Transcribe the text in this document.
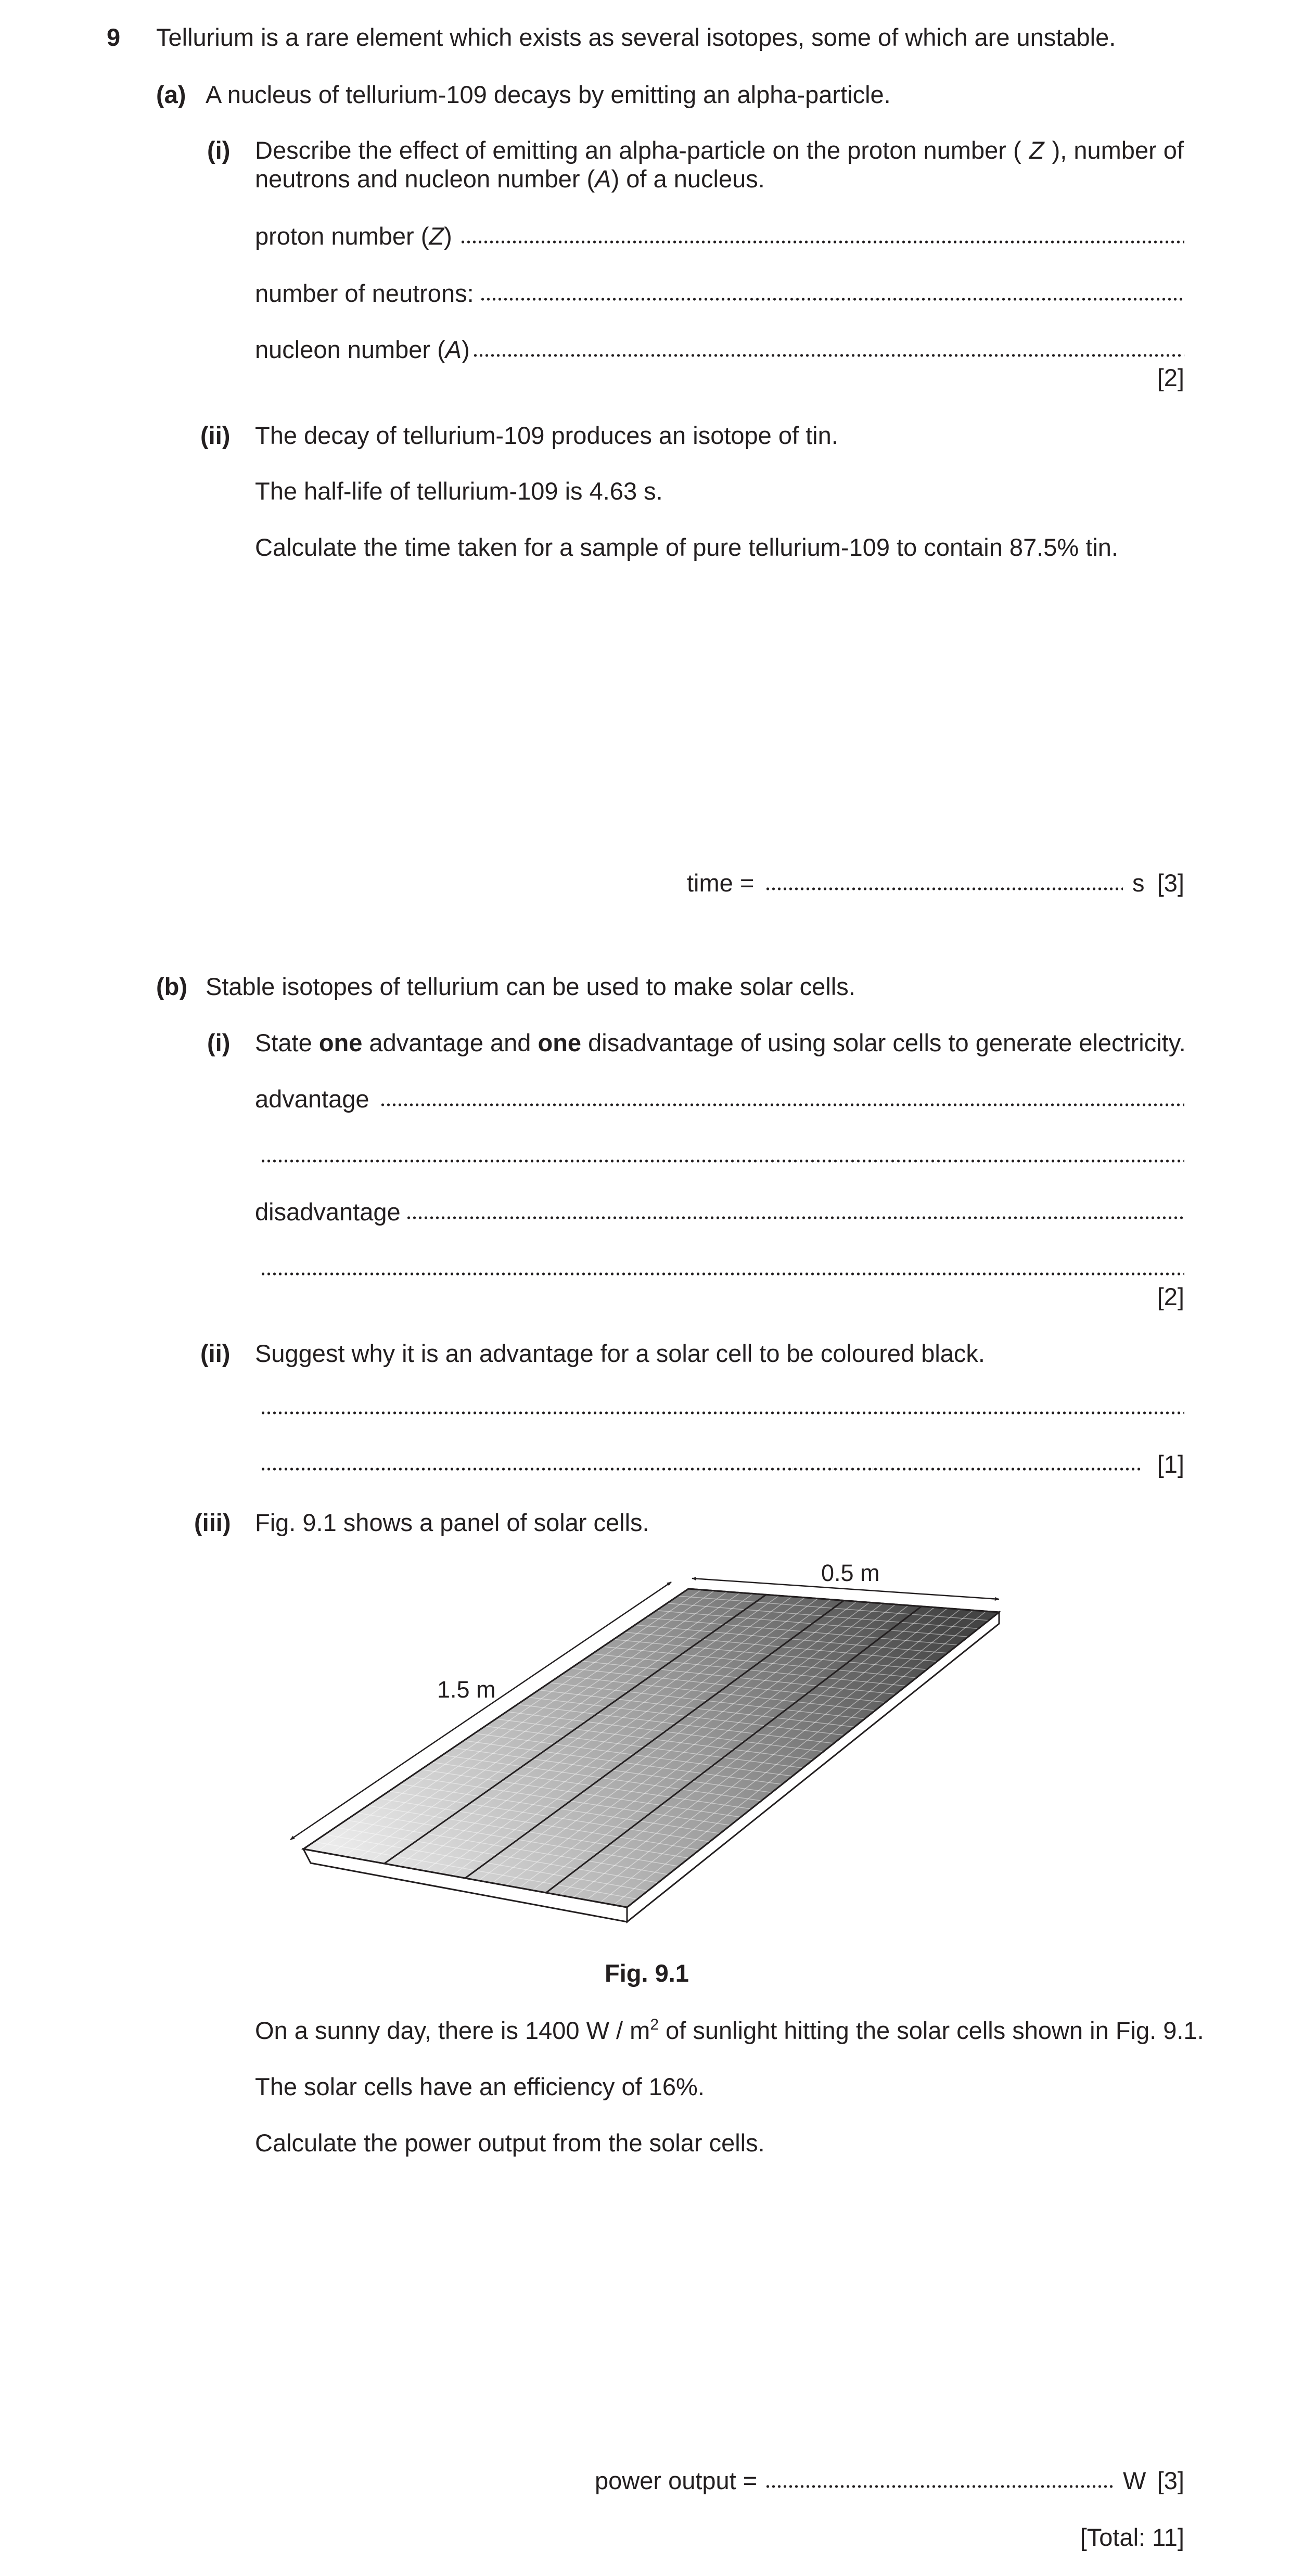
9 Tellurium is a rare element which exists as several isotopes, some of which are unstable.
(a) A nucleus of tellurium-109 decays by emitting an alpha-particle.
(i) Describe the effect of emitting an alpha-particle on the proton number ( Z ), number of
neutrons and nucleon number (A) of a nucleus.
proton number (Z)
number of neutrons:
nucleon number (A)
[2]
(ii) The decay of tellurium-109 produces an isotope of tin.
The half-life of tellurium-109 is 4.63 s.
Calculate the time taken for a sample of pure tellurium-109 to contain 87.5% tin.
time =	s [3]
(b) Stable isotopes of tellurium can be used to make solar cells.
(i) State one advantage and one disadvantage of using solar cells to generate electricity.
advantage
disadvantage
[2]
(ii) Suggest why it is an advantage for a solar cell to be coloured black.
[1]
(iii) Fig. 9.1 shows a panel of solar cells.
0.5 m
1.5 m
Fig. 9.1
On a sunny day, there is 1400 W / $m^2$ of sunlight hitting the solar cells shown in Fig. 9.1.
The solar cells have an efficiency of 16%.
Calculate the power output from the solar cells.
power output =	W [3]
[Total: 11]
